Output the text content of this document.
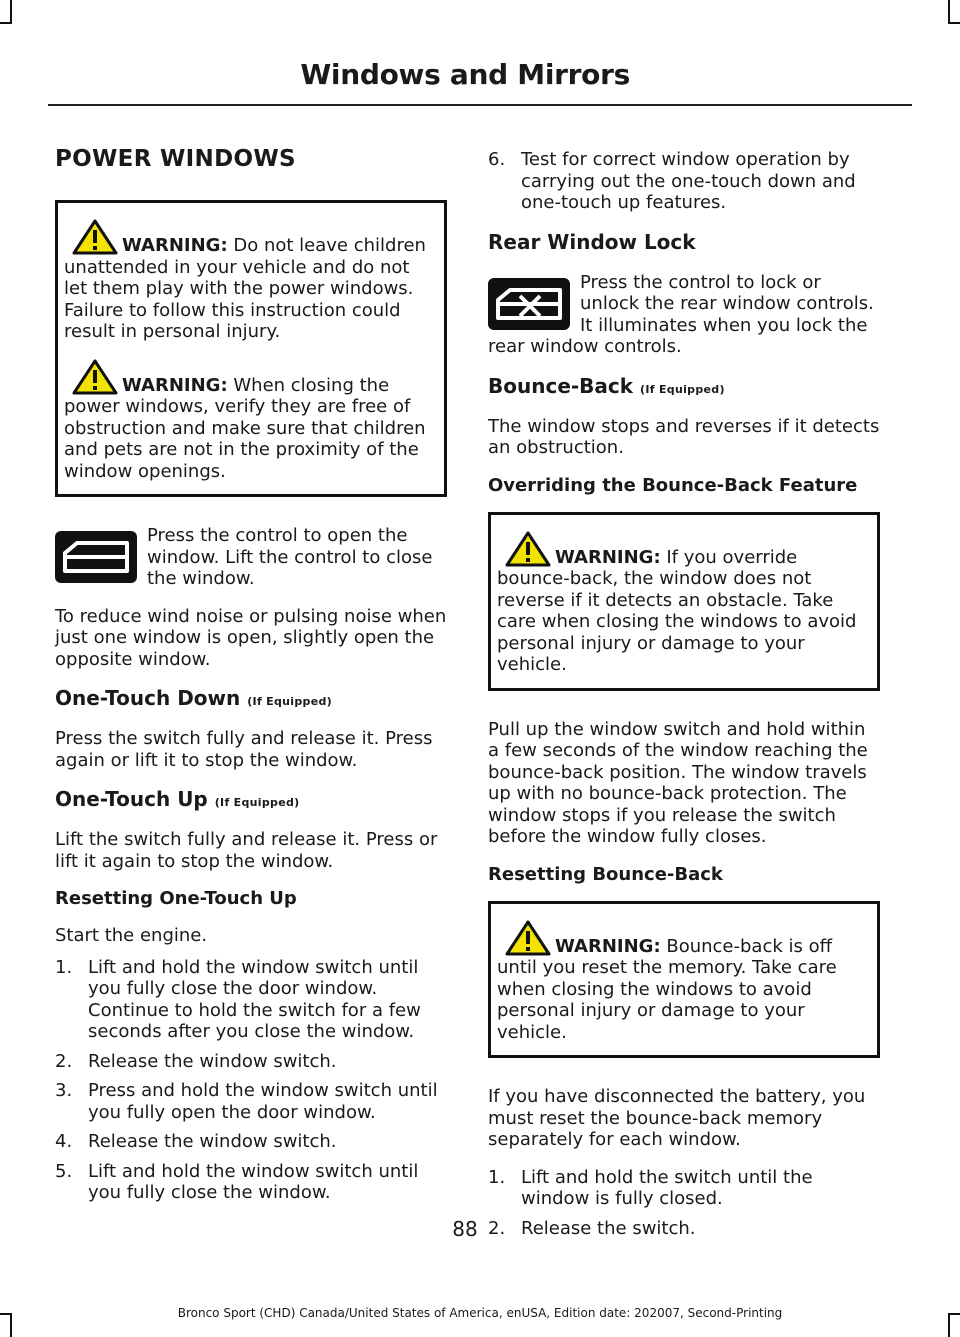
Windows and Mirrors
POWER WINDOWS

WARNING: Do not leave children unattended in your vehicle and do not let them play with the power windows. Failure to follow this instruction could result in personal injury.

WARNING: When closing the power windows, verify they are free of obstruction and make sure that children and pets are not in the proximity of the window openings.

Press the control to open the window. Lift the control to close the window.

To reduce wind noise or pulsing noise when just one window is open, slightly open the opposite window.

One-Touch Down (If Equipped)

Press the switch fully and release it. Press again or lift it to stop the window.

One-Touch Up (If Equipped)

Lift the switch fully and release it. Press or lift it again to stop the window.

Resetting One-Touch Up

Start the engine.

1. Lift and hold the window switch until you fully close the door window. Continue to hold the switch for a few seconds after you close the window.
2. Release the window switch.
3. Press and hold the window switch until you fully open the door window.
4. Release the window switch.
5. Lift and hold the window switch until you fully close the window.
6. Test for correct window operation by carrying out the one-touch down and one-touch up features.
Rear Window Lock
Press the control to lock or unlock the rear window controls. It illuminates when you lock the rear window controls.
Bounce-Back (If Equipped)

The window stops and reverses if it detects an obstruction.

Overriding the Bounce-Back Feature

WARNING: If you override bounce-back, the window does not reverse if it detects an obstacle. Take care when closing the windows to avoid personal injury or damage to your vehicle.

Pull up the window switch and hold within a few seconds of the window reaching the bounce-back position. The window travels up with no bounce-back protection. The window stops if you release the switch before the window fully closes.

Resetting Bounce-Back

WARNING: Bounce-back is off until you reset the memory. Take care when closing the windows to avoid personal injury or damage to your vehicle.

If you have disconnected the battery, you must reset the bounce-back memory separately for each window.

1. Lift and hold the switch until the window is fully closed.
2. Release the switch.
88
Bronco Sport (CHD) Canada/United States of America, enUSA, Edition date: 202007, Second-Printing
